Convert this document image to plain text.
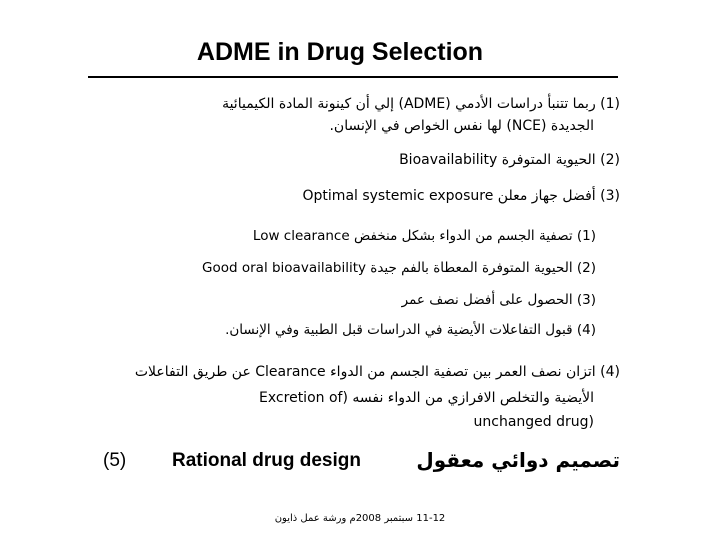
ADME in Drug Selection
(1) ربما تتنبأ دراسات الأدمي (ADME) إلي أن كينونة المادة الكيميائية
الجديدة (NCE) لها نفس الخواص في الإنسان.
(2) الحيوية المتوفرة Bioavailability
(3) أفضل جهاز معلن Optimal systemic exposure
(1) تصفية الجسم من الدواء بشكل منخفض Low clearance
(2) الحيوية المتوفرة المعطاة بالفم جيدة Good oral bioavailability
(3) الحصول على أفضل نصف عمر
(4) قبول التفاعلات الأيضية في الدراسات قبل الطبية وفي الإنسان.
(4) اتزان نصف العمر بين تصفية الجسم من الدواء Clearance عن طريق التفاعلات
الأيضية والتخلص الافرازي من الدواء نفسه (Excretion of
unchanged drug)
(5) Rational drug design	تصميم دوائي معقول
11-12 سبتمبر 2008م ورشة عمل ذايون
